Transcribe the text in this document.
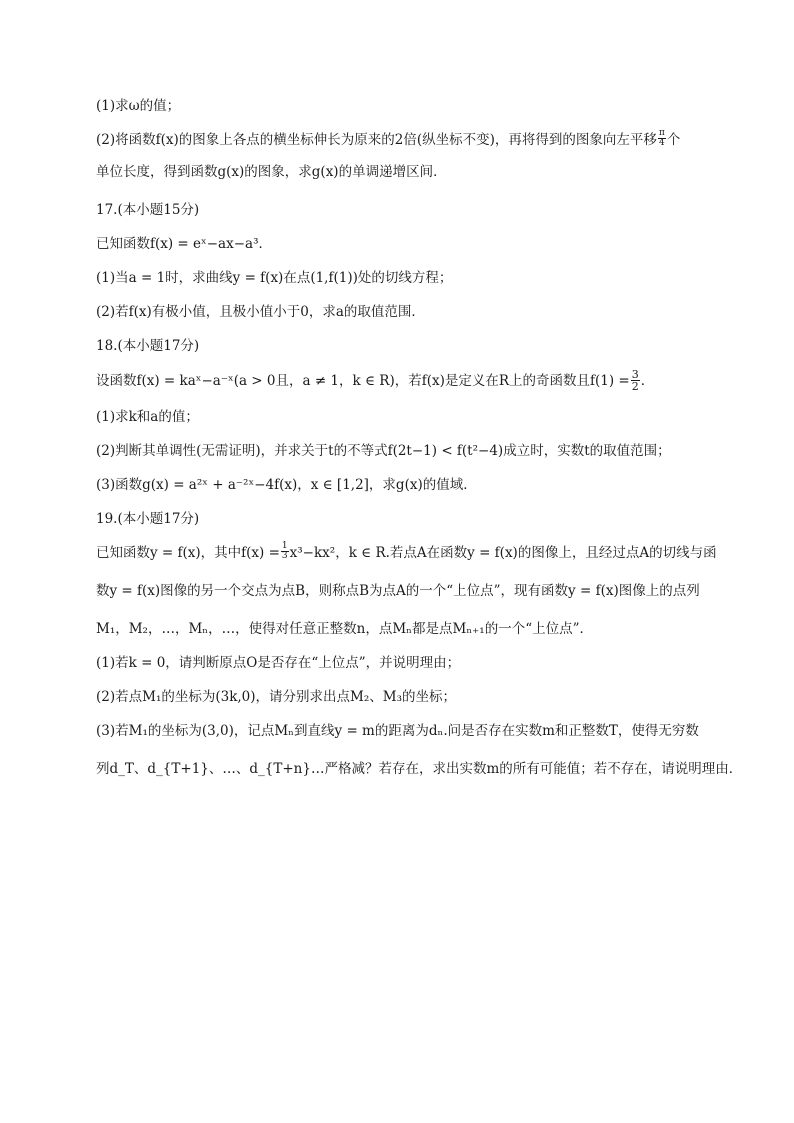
(1)求ω的值；
(2)将函数f(x)的图象上各点的横坐标伸长为原来的2倍(纵坐标不变)，再将得到的图象向左平移 $\frac{\pi}{4}$ 个
单位长度，得到函数g(x)的图象，求g(x)的单调递增区间．
17.(本小题15分)
已知函数f(x) = eˣ−ax−a³．
(1)当a = 1时，求曲线y = f(x)在点(1,f(1))处的切线方程；
(2)若f(x)有极小值，且极小值小于0，求a的取值范围．
18.(本小题17分)
设函数f(x) = kaˣ−a⁻ˣ(a > 0且，a ≠ 1，k ∈ R)，若f(x)是定义在R上的奇函数且$f(1) = \frac{3}{2}$ ．
(1)求k和a的值；
(2)判断其单调性(无需证明)，并求关于t的不等式f(2t−1) < f(t²−4)成立时，实数t的取值范围；
(3)函数g(x) = a²ˣ + a⁻²ˣ−4f(x)，x ∈ [1,2]，求g(x)的值域．
19.(本小题17分)
已知函数y = f(x)，其中$f(x) = \frac{1}{3} x^3-kx^2$，k ∈ R.若点A在函数y = f(x)的图像上，且经过点A的切线与函
数y = f(x)图像的另一个交点为点B，则称点B为点A的一个“上位点”，现有函数y = f(x)图像上的点列
M₁，M₂，…，Mₙ，…，使得对任意正整数n，点Mₙ都是点Mₙ₊₁的一个“上位点”．
(1)若k = 0，请判断原点O是否存在“上位点”，并说明理由；
(2)若点M₁的坐标为(3k,0)，请分别求出点M₂、M₃的坐标；
(3)若M₁的坐标为(3,0)，记点Mₙ到直线y = m的距离为dₙ.问是否存在实数m和正整数T，使得无穷数
列d_T、d_{T+1}、…、d_{T+n}…严格减？若存在，求出实数m的所有可能值；若不存在，请说明理由．
